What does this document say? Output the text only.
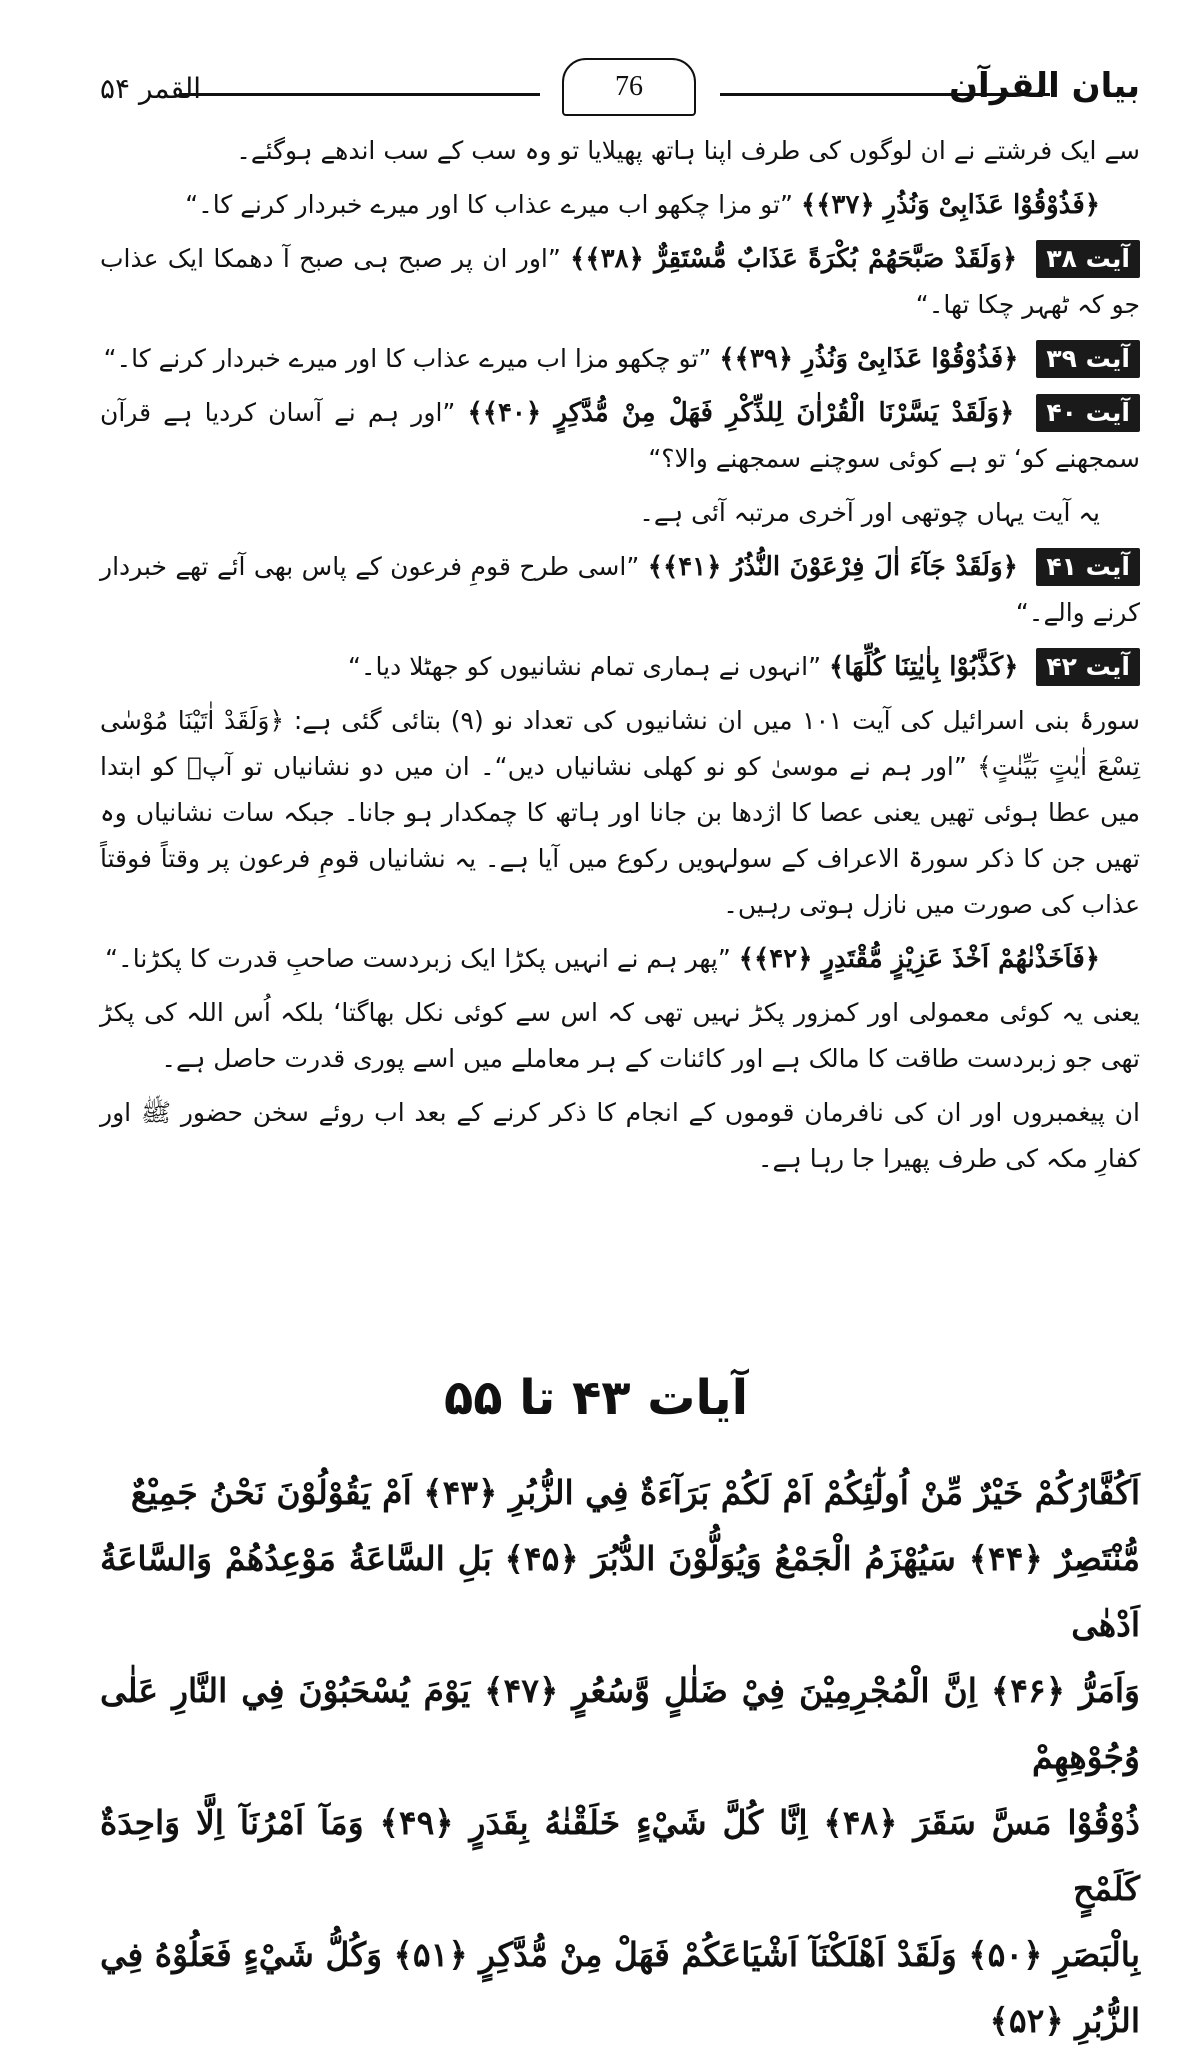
القمر ۵۴	76	بیان القرآن

سے ایک فرشتے نے ان لوگوں کی طرف اپنا ہاتھ پھیلایا تو وہ سب کے سب اندھے ہوگئے۔

﴿فَذُوْقُوْا عَذَابِىْ وَنُذُرِ ﴿۳۷﴾﴾ ”تو مزا چکھو اب میرے عذاب کا اور میرے خبردار کرنے کا۔“

آیت ۳۸ ﴿وَلَقَدْ صَبَّحَهُمْ بُكْرَةً عَذَابٌ مُّسْتَقِرٌّ ﴿۳۸﴾﴾ ”اور ان پر صبح ہی صبح آ دھمکا ایک عذاب جو کہ ٹھہر چکا تھا۔“

آیت ۳۹ ﴿فَذُوْقُوْا عَذَابِىْ وَنُذُرِ ﴿۳۹﴾﴾ ”تو چکھو مزا اب میرے عذاب کا اور میرے خبردار کرنے کا۔“

آیت ۴۰ ﴿وَلَقَدْ يَسَّرْنَا الْقُرْاٰنَ لِلذِّكْرِ فَهَلْ مِنْ مُّدَّكِرٍ ﴿۴۰﴾﴾ ”اور ہم نے آسان کردیا ہے قرآن سمجھنے کو‘ تو ہے کوئی سوچنے سمجھنے والا؟“

یہ آیت یہاں چوتھی اور آخری مرتبہ آئی ہے۔

آیت ۴۱ ﴿وَلَقَدْ جَآءَ اٰلَ فِرْعَوْنَ النُّذُرُ ﴿۴۱﴾﴾ ”اسی طرح قومِ فرعون کے پاس بھی آئے تھے خبردار کرنے والے۔“

آیت ۴۲ ﴿كَذَّبُوْا بِاٰيٰتِنَا كُلِّهَا﴾ ”انہوں نے ہماری تمام نشانیوں کو جھٹلا دیا۔“

سورۂ بنی اسرائیل کی آیت ۱۰۱ میں ان نشانیوں کی تعداد نو (۹) بتائی گئی ہے: ﴿وَلَقَدْ اٰتَيْنَا مُوْسٰى تِسْعَ اٰيٰتٍ بَيِّنٰتٍ﴾ ”اور ہم نے موسیٰ کو نو کھلی نشانیاں دیں“۔ ان میں دو نشانیاں تو آپؑ کو ابتدا میں عطا ہوئی تھیں یعنی عصا کا اژدھا بن جانا اور ہاتھ کا چمکدار ہو جانا۔ جبکہ سات نشانیاں وہ تھیں جن کا ذکر سورۃ الاعراف کے سولہویں رکوع میں آیا ہے۔ یہ نشانیاں قومِ فرعون پر وقتاً فوقتاً عذاب کی صورت میں نازل ہوتی رہیں۔

﴿فَاَخَذْنٰهُمْ اَخْذَ عَزِيْزٍ مُّقْتَدِرٍ ﴿۴۲﴾﴾ ”پھر ہم نے انہیں پکڑا ایک زبردست صاحبِ قدرت کا پکڑنا۔“

یعنی یہ کوئی معمولی اور کمزور پکڑ نہیں تھی کہ اس سے کوئی نکل بھاگتا‘ بلکہ اُس اللہ کی پکڑ تھی جو زبردست طاقت کا مالک ہے اور کائنات کے ہر معاملے میں اسے پوری قدرت حاصل ہے۔

ان پیغمبروں اور ان کی نافرمان قوموں کے انجام کا ذکر کرنے کے بعد اب روئے سخن حضور ﷺ اور کفارِ مکہ کی طرف پھیرا جا رہا ہے۔

آیات ۴۳ تا ۵۵
اَكُفَّارُكُمْ خَيْرٌ مِّنْ اُولٰٓئِكُمْ اَمْ لَكُمْ بَرَآءَةٌ فِي الزُّبُرِ ﴿۴۳﴾ اَمْ يَقُوْلُوْنَ نَحْنُ جَمِيْعٌ
مُّنْتَصِرٌ ﴿۴۴﴾ سَيُهْزَمُ الْجَمْعُ وَيُوَلُّوْنَ الدُّبُرَ ﴿۴۵﴾ بَلِ السَّاعَةُ مَوْعِدُهُمْ وَالسَّاعَةُ اَدْهٰى
وَاَمَرُّ ﴿۴۶﴾ اِنَّ الْمُجْرِمِيْنَ فِيْ ضَلٰلٍ وَّسُعُرٍ ﴿۴۷﴾ يَوْمَ يُسْحَبُوْنَ فِي النَّارِ عَلٰى وُجُوْهِهِمْ
ذُوْقُوْا مَسَّ سَقَرَ ﴿۴۸﴾ اِنَّا كُلَّ شَيْءٍ خَلَقْنٰهُ بِقَدَرٍ ﴿۴۹﴾ وَمَآ اَمْرُنَآ اِلَّا وَاحِدَةٌ كَلَمْحٍ
بِالْبَصَرِ ﴿۵۰﴾ وَلَقَدْ اَهْلَكْنَآ اَشْيَاعَكُمْ فَهَلْ مِنْ مُّدَّكِرٍ ﴿۵۱﴾ وَكُلُّ شَيْءٍ فَعَلُوْهُ فِي الزُّبُرِ ﴿۵۲﴾
